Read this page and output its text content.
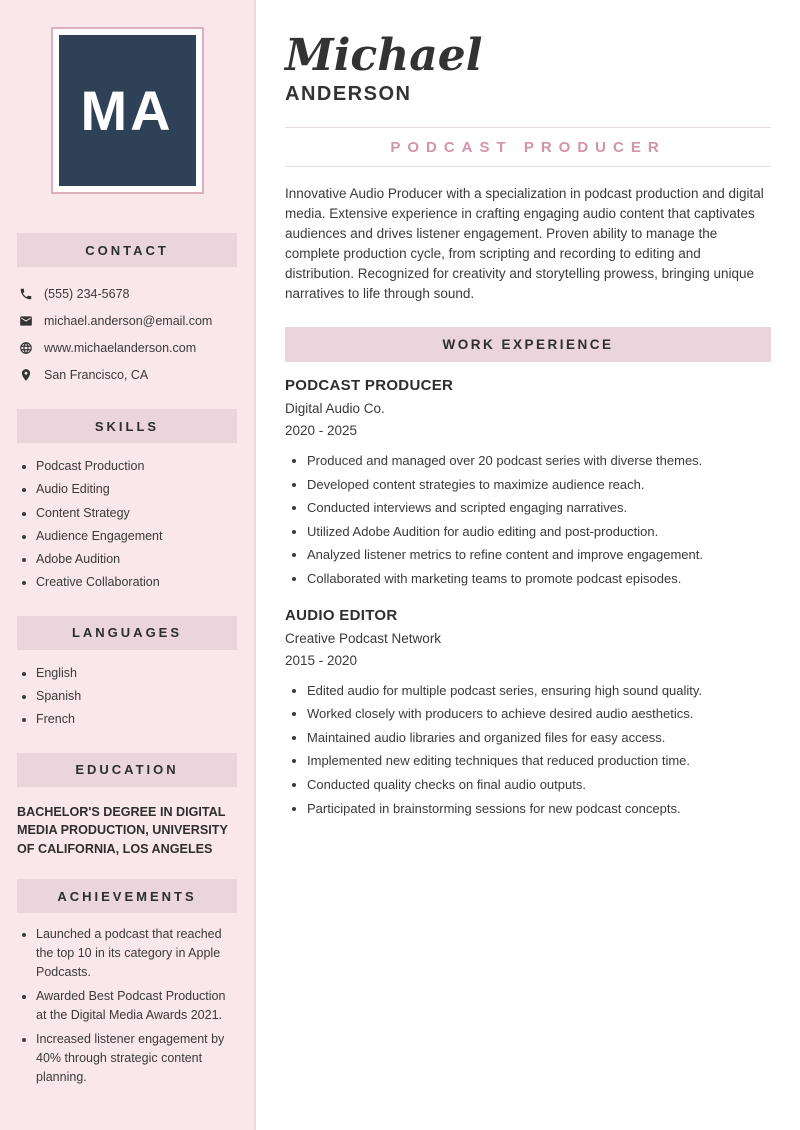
MA
CONTACT
(555) 234-5678
michael.anderson@email.com
www.michaelanderson.com
San Francisco, CA
SKILLS
• Podcast Production
• Audio Editing
• Content Strategy
• Audience Engagement
• Adobe Audition
• Creative Collaboration
LANGUAGES
• English
• Spanish
• French
EDUCATION
BACHELOR'S DEGREE IN DIGITAL MEDIA PRODUCTION, UNIVERSITY OF CALIFORNIA, LOS ANGELES
ACHIEVEMENTS
• Launched a podcast that reached the top 10 in its category in Apple Podcasts.
• Awarded Best Podcast Production at the Digital Media Awards 2021.
• Increased listener engagement by 40% through strategic content planning.
Michael
ANDERSON
PODCAST PRODUCER

Innovative Audio Producer with a specialization in podcast production and digital media. Extensive experience in crafting engaging audio content that captivates audiences and drives listener engagement. Proven ability to manage the complete production cycle, from scripting and recording to editing and distribution. Recognized for creativity and storytelling prowess, bringing unique narratives to life through sound.

WORK EXPERIENCE
PODCAST PRODUCER
Digital Audio Co.
2020 - 2025
• Produced and managed over 20 podcast series with diverse themes.
• Developed content strategies to maximize audience reach.
• Conducted interviews and scripted engaging narratives.
• Utilized Adobe Audition for audio editing and post-production.
• Analyzed listener metrics to refine content and improve engagement.
• Collaborated with marketing teams to promote podcast episodes.
AUDIO EDITOR
Creative Podcast Network
2015 - 2020
• Edited audio for multiple podcast series, ensuring high sound quality.
• Worked closely with producers to achieve desired audio aesthetics.
• Maintained audio libraries and organized files for easy access.
• Implemented new editing techniques that reduced production time.
• Conducted quality checks on final audio outputs.
• Participated in brainstorming sessions for new podcast concepts.
